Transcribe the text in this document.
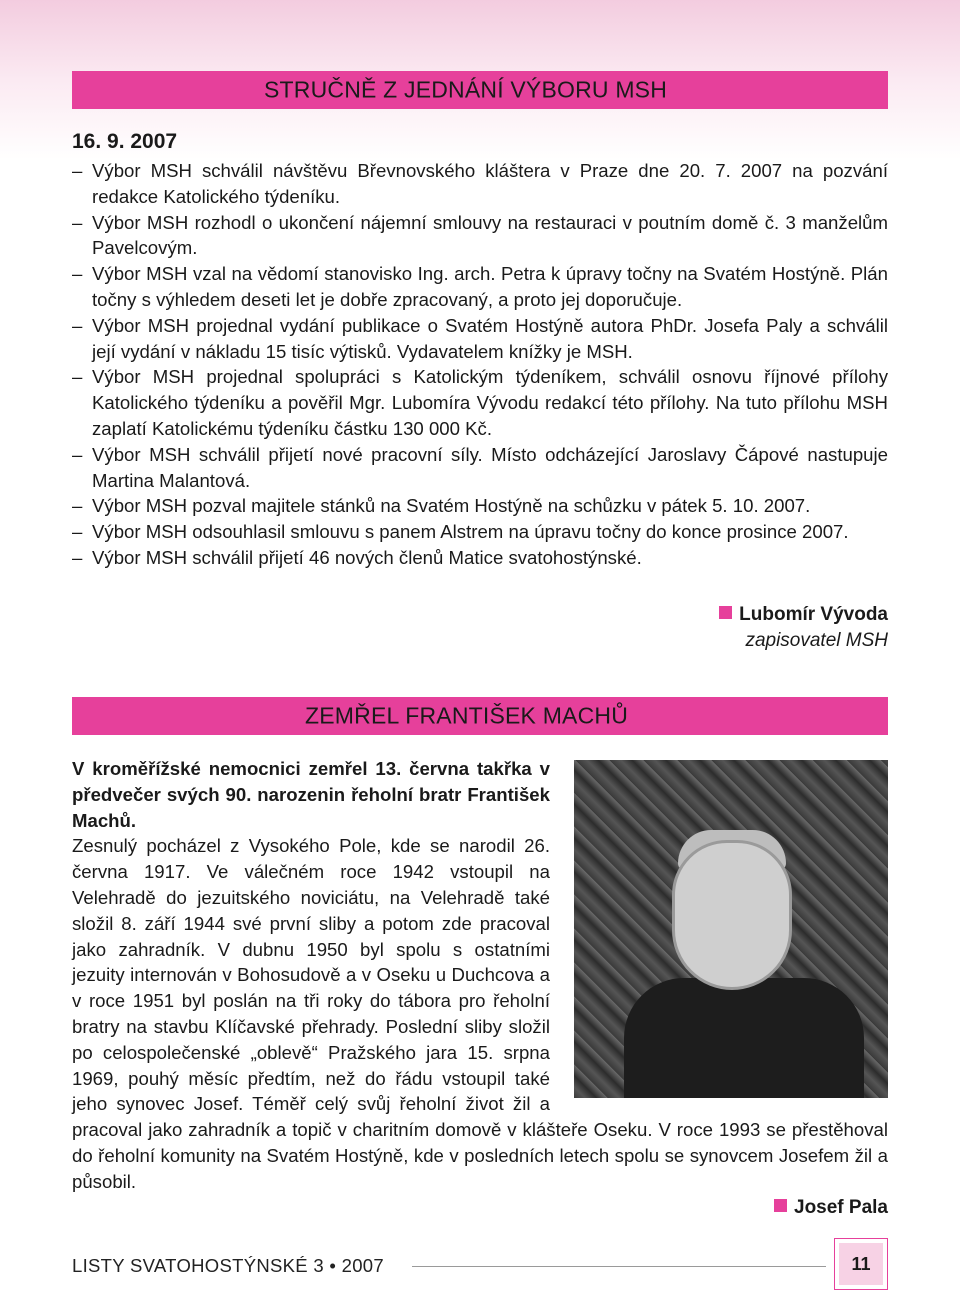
STRUČNĚ Z JEDNÁNÍ VÝBORU MSH
16. 9. 2007
– Výbor MSH schválil návštěvu Břevnovského kláštera v Praze dne 20. 7. 2007 na pozvání redakce Katolického týdeníku.
– Výbor MSH rozhodl o ukončení nájemní smlouvy na restauraci v poutním domě č. 3 manželům Pavelcovým.
– Výbor MSH vzal na vědomí stanovisko Ing. arch. Petra k úpravy točny na Svatém Hostýně. Plán točny s výhledem deseti let je dobře zpracovaný, a proto jej doporučuje.
– Výbor MSH projednal vydání publikace o Svatém Hostýně autora PhDr. Josefa Paly a schválil její vydání v nákladu 15 tisíc výtisků. Vydavatelem knížky je MSH.
– Výbor MSH projednal spolupráci s Katolickým týdeníkem, schválil osnovu říjnové přílohy Katolického týdeníku a pověřil Mgr. Lubomíra Vývodu redakcí této přílohy. Na tuto přílohu MSH zaplatí Katolickému týdeníku částku 130 000 Kč.
– Výbor MSH schválil přijetí nové pracovní síly. Místo odcházející Jaroslavy Čápové nastupuje Martina Malantová.
– Výbor MSH pozval majitele stánků na Svatém Hostýně na schůzku v pátek 5. 10. 2007.
– Výbor MSH odsouhlasil smlouvu s panem Alstrem na úpravu točny do konce prosince 2007.
– Výbor MSH schválil přijetí 46 nových členů Matice svatohostýnské.
Lubomír Vývoda
zapisovatel MSH
ZEMŘEL FRANTIŠEK MACHŮ

V kroměřížské nemocnici zemřel 13. června takřka v předvečer svých 90. narozenin řeholní bratr František Machů.

Zesnulý pocházel z Vysokého Pole, kde se narodil 26. června 1917. Ve válečném roce 1942 vstoupil na Velehradě do jezuitského noviciátu, na Velehradě také složil 8. září 1944 své první sliby a potom zde pracoval jako zahradník. V dubnu 1950 byl spolu s ostatními jezuity internován v Bohosudově a v Oseku u Duchcova a v roce 1951 byl poslán na tři roky do tábora pro řeholní bratry na stavbu Klíčavské přehrady. Poslední sliby složil po celospolečenské „oblevě“ Pražského jara 15. srpna 1969, pouhý měsíc předtím, než do řádu vstoupil také jeho synovec Josef. Téměř celý svůj řeholní život žil a pracoval jako zahradník a topič v charitním domově v klášteře Oseku. V roce 1993 se přestěhoval do řeholní komunity na Svatém Hostýně, kde v posledních letech spolu se synovcem Josefem žil a působil.

Josef Pala
LISTY SVATOHOSTÝNSKÉ 3 • 2007	11
